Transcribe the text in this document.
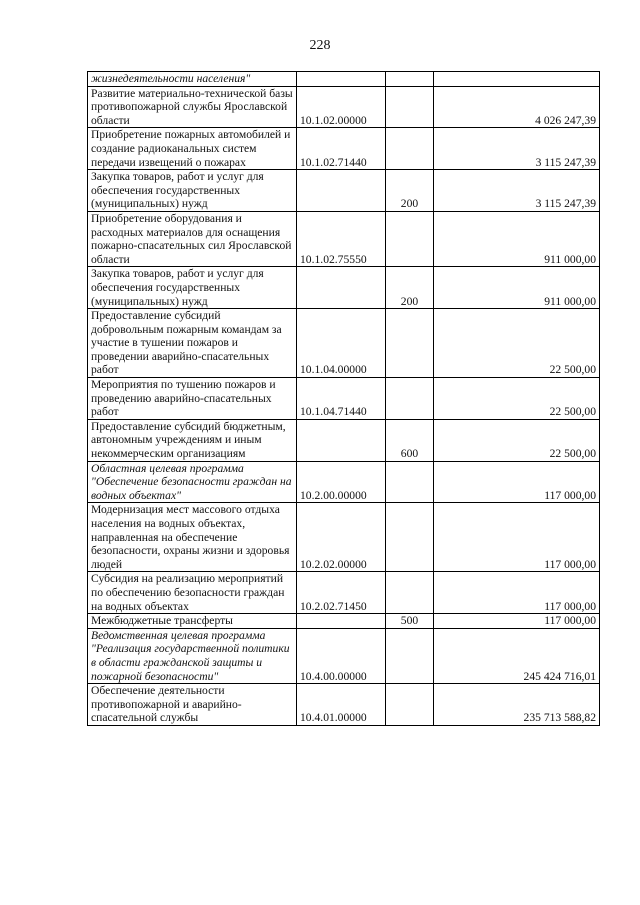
228
жизнедеятельности населения"			
Развитие материально-технической базы противопожарной службы Ярославской области	10.1.02.00000		4 026 247,39
Приобретение пожарных автомобилей и создание радиоканальных систем передачи извещений о пожарах	10.1.02.71440		3 115 247,39
Закупка товаров, работ и услуг для обеспечения государственных (муниципальных) нужд		200	3 115 247,39
Приобретение оборудования и расходных материалов для оснащения пожарно-спасательных сил Ярославской области	10.1.02.75550		911 000,00
Закупка товаров, работ и услуг для обеспечения государственных (муниципальных) нужд		200	911 000,00
Предоставление субсидий добровольным пожарным командам за участие в тушении пожаров и проведении аварийно-спасательных работ	10.1.04.00000		22 500,00
Мероприятия по тушению пожаров и проведению аварийно-спасательных работ	10.1.04.71440		22 500,00
Предоставление субсидий бюджетным, автономным учреждениям и иным некоммерческим организациям		600	22 500,00
Областная целевая программа "Обеспечение безопасности граждан на водных объектах"	10.2.00.00000		117 000,00
Модернизация мест массового отдыха населения на водных объектах, направленная на обеспечение безопасности, охраны жизни и здоровья людей	10.2.02.00000		117 000,00
Субсидия на реализацию мероприятий по обеспечению безопасности граждан на водных объектах	10.2.02.71450		117 000,00
Межбюджетные трансферты		500	117 000,00
Ведомственная целевая программа "Реализация государственной политики в области гражданской защиты и пожарной безопасности"	10.4.00.00000		245 424 716,01
Обеспечение деятельности противопожарной и аварийно-спасательной службы	10.4.01.00000		235 713 588,82
